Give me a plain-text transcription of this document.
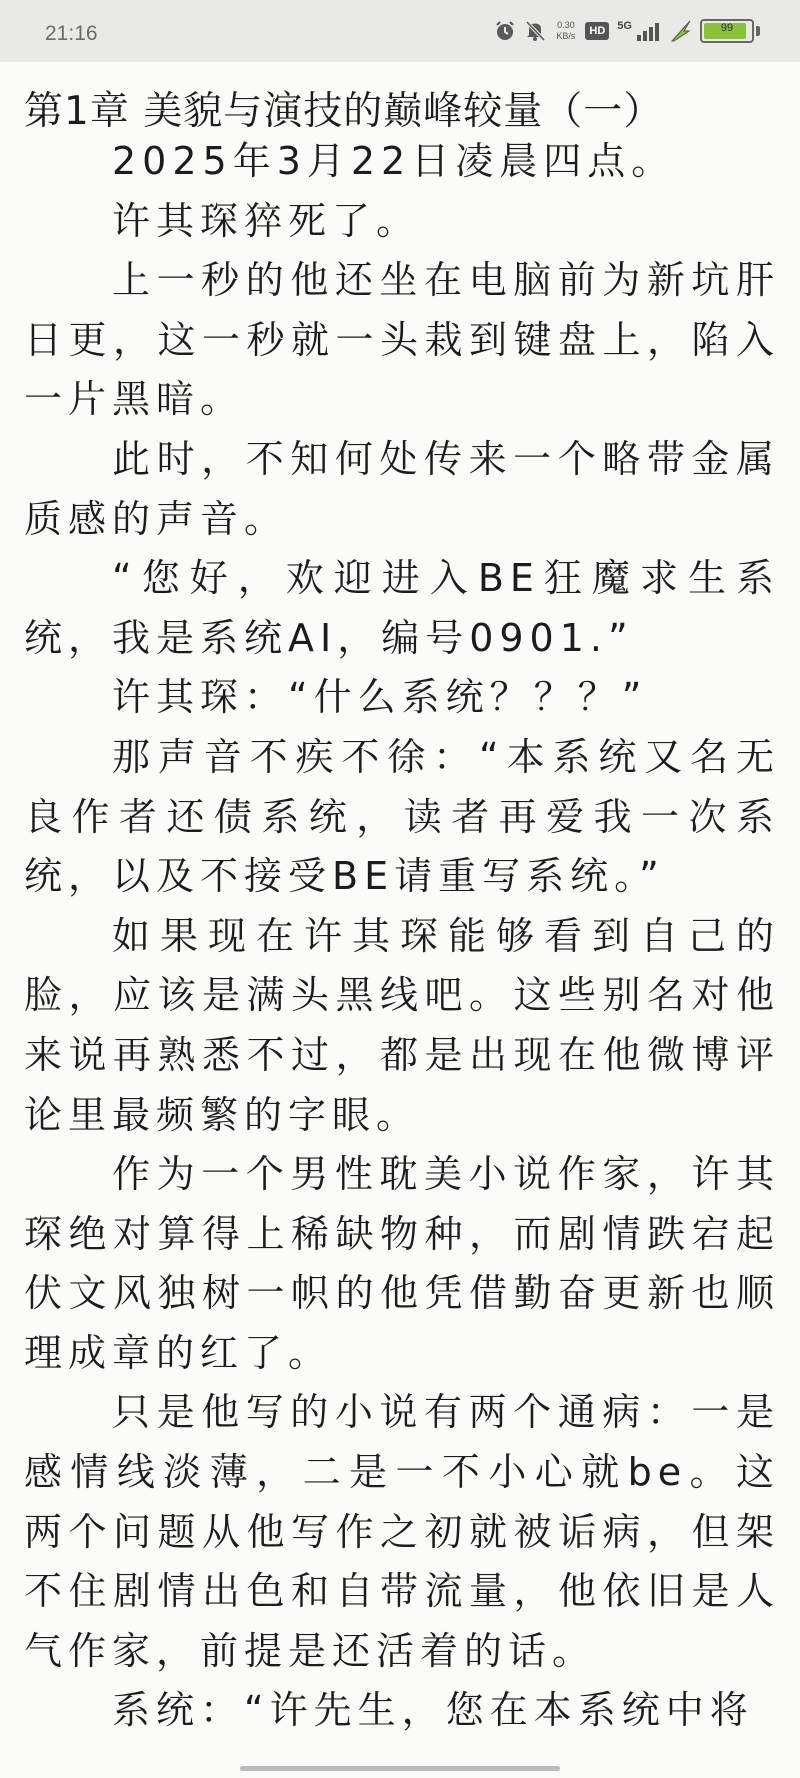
21:16	0.30
KB/s	HD	5G	99
第1章 美貌与演技的巅峰较量（一）

2025年3月22日凌晨四点。

许其琛猝死了。

上一秒的他还坐在电脑前为新坑肝日更，这一秒就一头栽到键盘上，陷入一片黑暗。

此时，不知何处传来一个略带金属质感的声音。

“您好，欢迎进入BE狂魔求生系统，我是系统AI，编号0901.”

许其琛：“什么系统？？？”

那声音不疾不徐：“本系统又名无良作者还债系统，读者再爱我一次系统，以及不接受BE请重写系统。”

如果现在许其琛能够看到自己的脸，应该是满头黑线吧。这些别名对他来说再熟悉不过，都是出现在他微博评论里最频繁的字眼。

作为一个男性耽美小说作家，许其琛绝对算得上稀缺物种，而剧情跌宕起伏文风独树一帜的他凭借勤奋更新也顺理成章的红了。

只是他写的小说有两个通病：一是感情线淡薄，二是一不小心就be。这两个问题从他写作之初就被诟病，但架不住剧情出色和自带流量，他依旧是人气作家，前提是还活着的话。

系统：“许先生，您在本系统中将
